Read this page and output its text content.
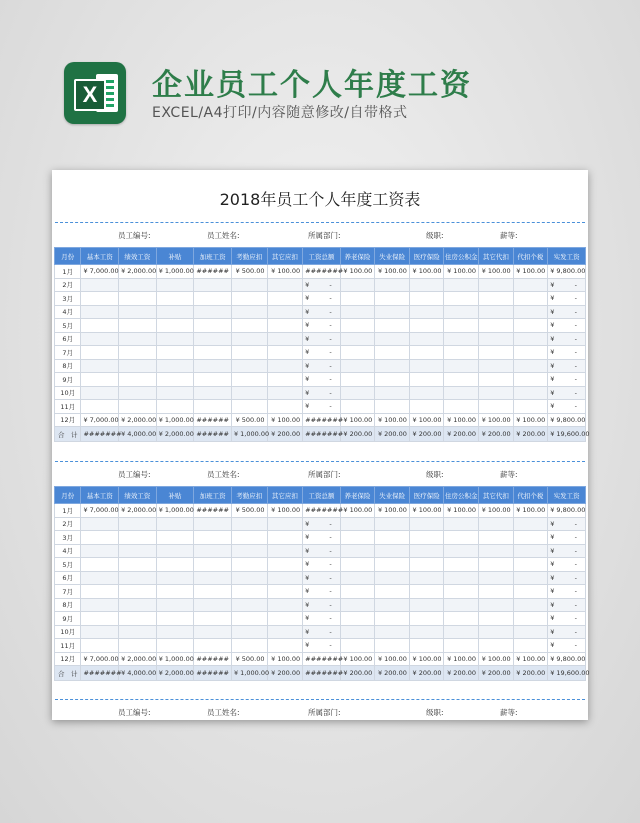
X 企业员工个人年度工资
EXCEL/A4打印/内容随意修改/自带格式
2018年员工个人年度工资表
员工编号:	员工姓名:	所属部门:	级职:	薪等:
月份	基本工资	绩效工资	补贴	加班工资	考勤应扣	其它应扣	工资总额	养老保险	失业保险	医疗保险	住房公积金	其它代扣	代扣个税	实发工资
1月	¥ 7,000.00	¥ 2,000.00	¥ 1,000.00	######	¥ 500.00	¥ 100.00	#######	¥ 100.00	¥ 100.00	¥ 100.00	¥ 100.00	¥ 100.00	¥ 100.00	¥ 9,800.00
2月							¥ -							¥ -

3月							¥ -							¥ -

4月							¥ -							¥ -

5月							¥ -							¥ -

6月							¥ -							¥ -

7月							¥ -							¥ -

8月							¥ -							¥ -

9月							¥ -							¥ -

10月							¥ -							¥ -

11月							¥ -							¥ -

12月	¥ 7,000.00	¥ 2,000.00	¥ 1,000.00	######	¥ 500.00	¥ 100.00	#######	¥ 100.00	¥ 100.00	¥ 100.00	¥ 100.00	¥ 100.00	¥ 100.00	¥ 9,800.00
合　计	#######	¥ 4,000.00	¥ 2,000.00	######	¥ 1,000.00	¥ 200.00	#######	¥ 200.00	¥ 200.00	¥ 200.00	¥ 200.00	¥ 200.00	¥ 200.00	¥ 19,600.00
员工编号:	员工姓名:	所属部门:	级职:	薪等:
月份	基本工资	绩效工资	补贴	加班工资	考勤应扣	其它应扣	工资总额	养老保险	失业保险	医疗保险	住房公积金	其它代扣	代扣个税	实发工资
1月	¥ 7,000.00	¥ 2,000.00	¥ 1,000.00	######	¥ 500.00	¥ 100.00	#######	¥ 100.00	¥ 100.00	¥ 100.00	¥ 100.00	¥ 100.00	¥ 100.00	¥ 9,800.00
2月							¥ -							¥ -

3月							¥ -							¥ -

4月							¥ -							¥ -

5月							¥ -							¥ -

6月							¥ -							¥ -

7月							¥ -							¥ -

8月							¥ -							¥ -

9月							¥ -							¥ -

10月							¥ -							¥ -

11月							¥ -							¥ -

12月	¥ 7,000.00	¥ 2,000.00	¥ 1,000.00	######	¥ 500.00	¥ 100.00	#######	¥ 100.00	¥ 100.00	¥ 100.00	¥ 100.00	¥ 100.00	¥ 100.00	¥ 9,800.00
合　计	#######	¥ 4,000.00	¥ 2,000.00	######	¥ 1,000.00	¥ 200.00	#######	¥ 200.00	¥ 200.00	¥ 200.00	¥ 200.00	¥ 200.00	¥ 200.00	¥ 19,600.00
员工编号:	员工姓名:	所属部门:	级职:	薪等:
